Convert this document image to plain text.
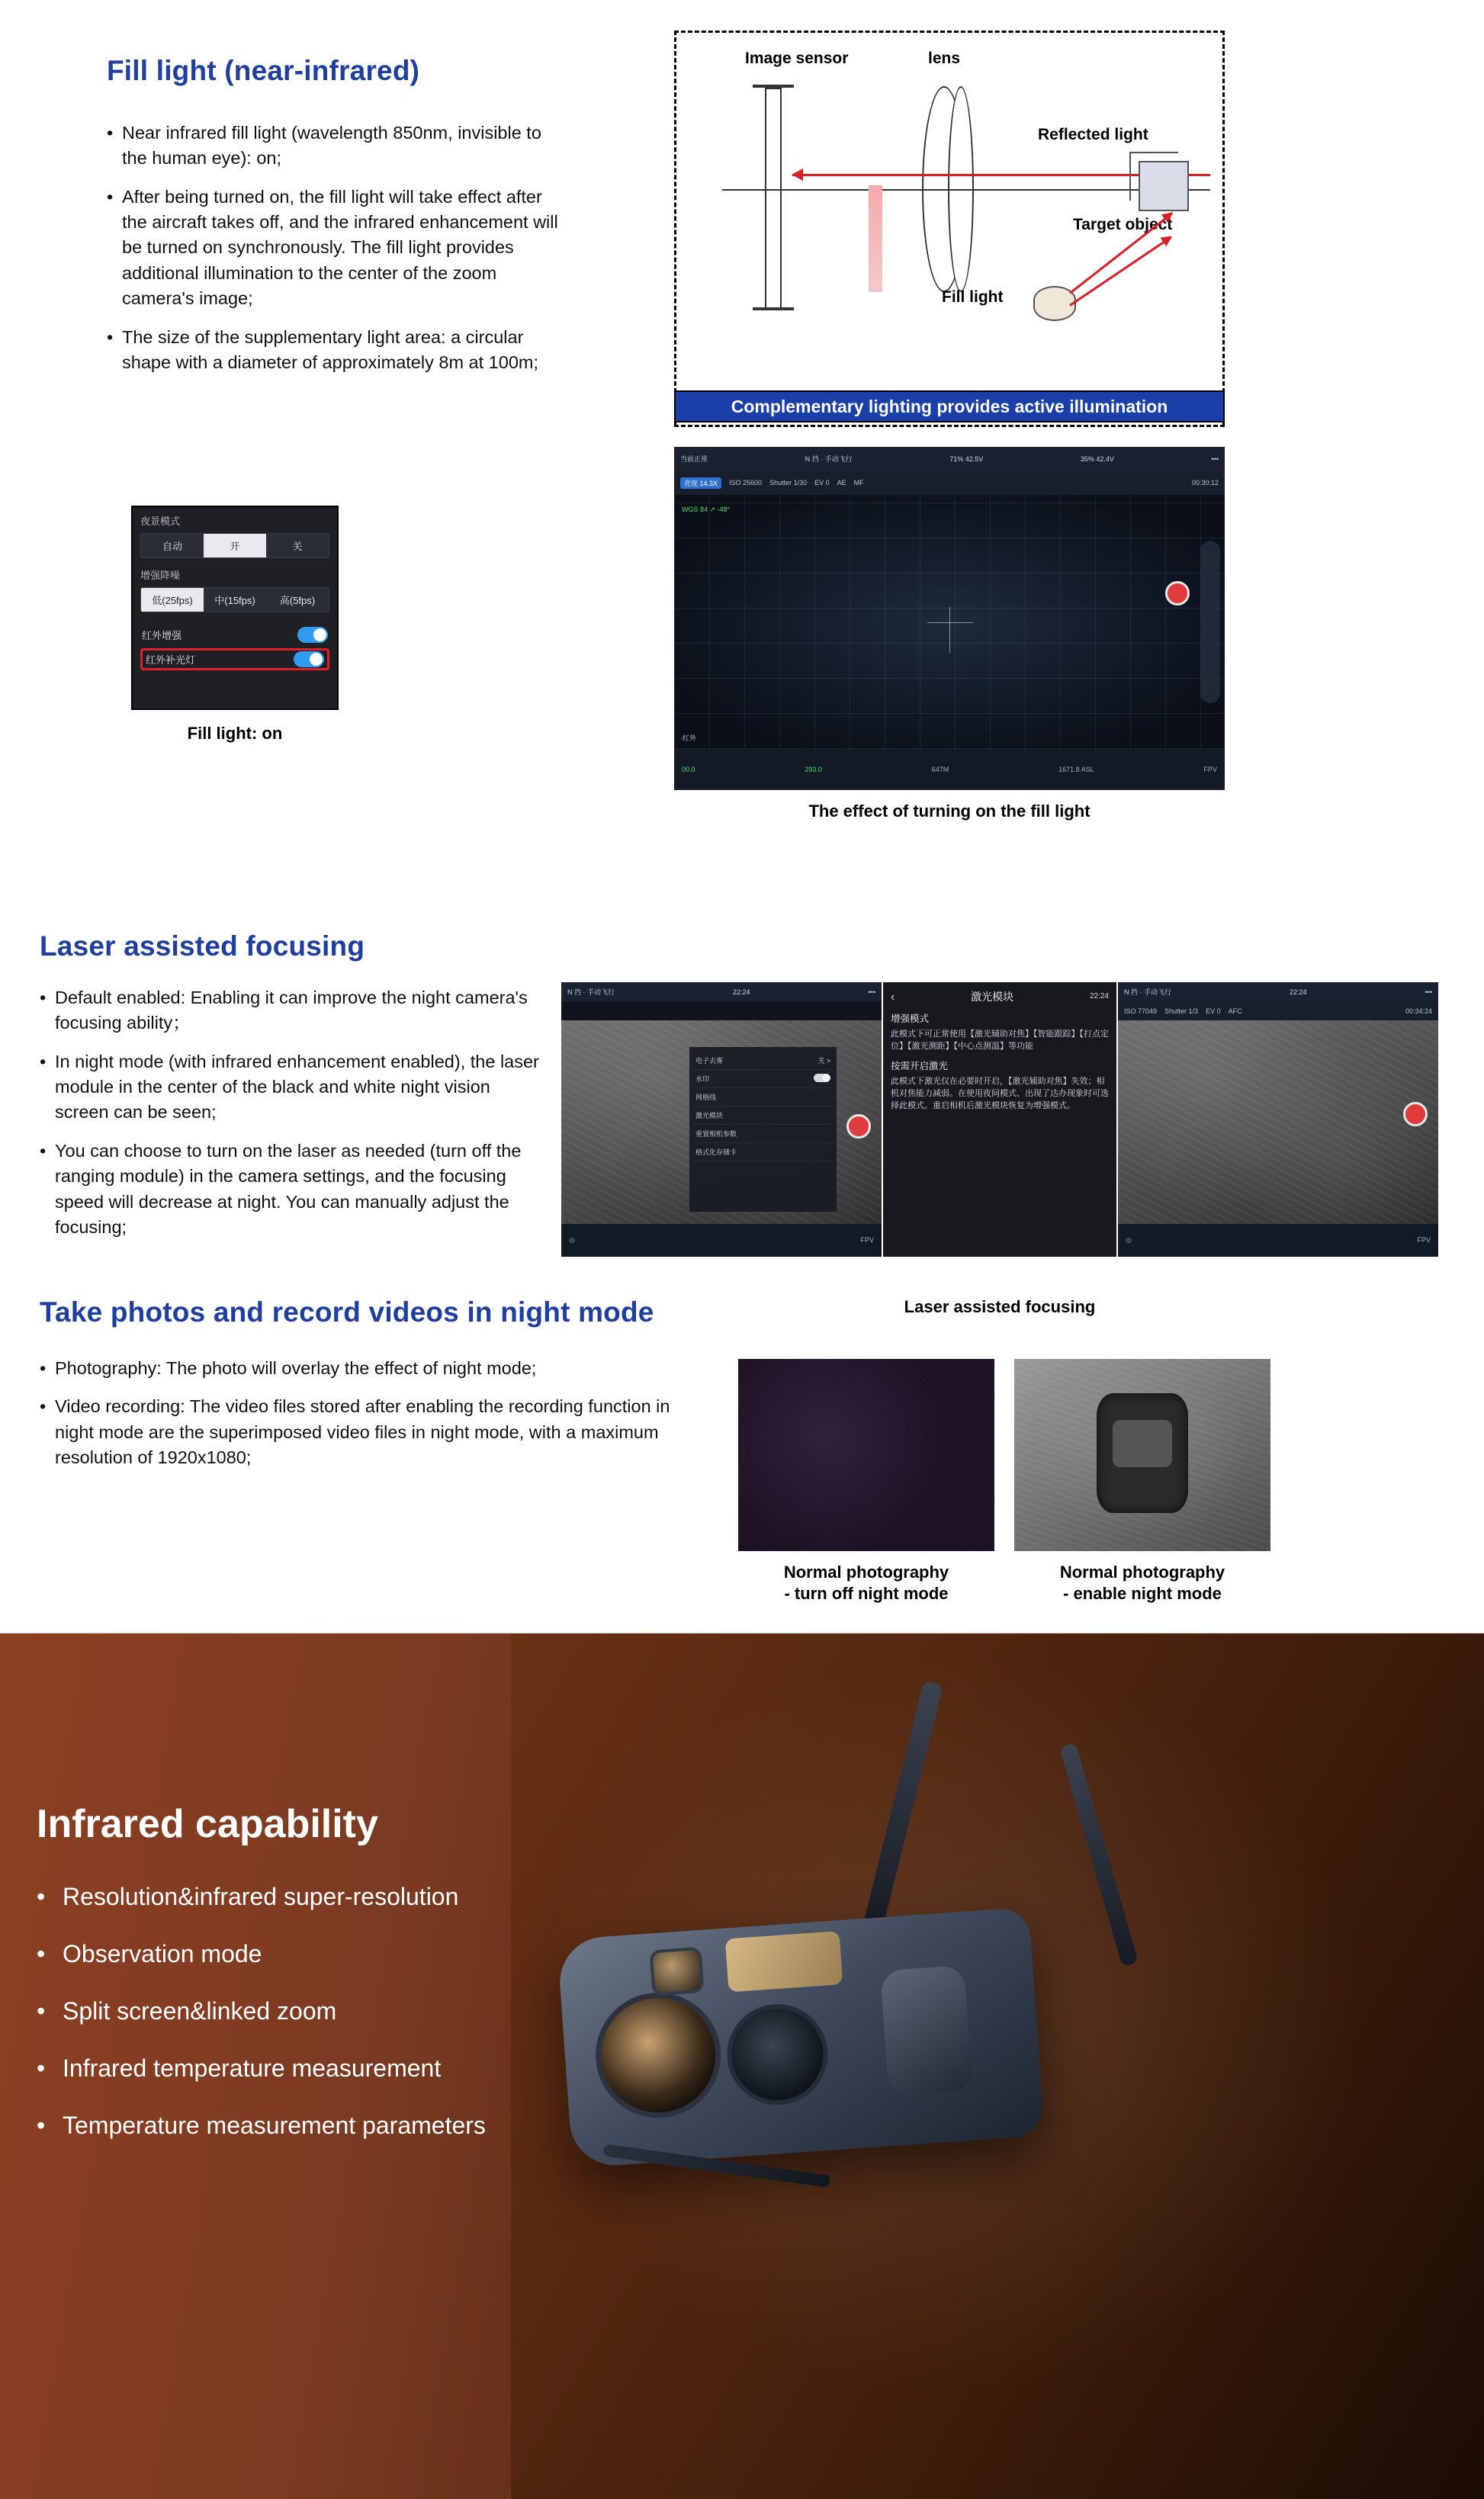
Fill light (near-infrared)
• Near infrared fill light (wavelength 850nm, invisible to the human eye): on;
• After being turned on, the fill light will take effect after the aircraft takes off, and the infrared enhancement will be turned on synchronously. The fill light provides additional illumination to the center of the zoom camera's image;
• The size of the supplementary light area: a circular shape with a diameter of approximately 8m at 100m;
Image sensor	lens
Reflected light
Target object
Fill light
Complementary lighting provides active illumination
夜景模式
自动	开	关
增强降噪
低(25fps)	中(15fps)	高(5fps)
红外增强
红外补光灯
Fill light: on
当前正常	N 挡 · 手动飞行	71% 42.5V	35% 42.4V	•••
亮度 14.3X	ISO 25600 Shutter 1/30 EV 0 AE MF	00:30:12
WGS 84 ↗ -48°
·红外
00.0	293.0	647M	1671.8 ASL	FPV
The effect of turning on the fill light
Laser assisted focusing
• Default enabled: Enabling it can improve the night camera's focusing ability；
• In night mode (with infrared enhancement enabled), the laser module in the center of the black and white night vision screen can be seen;
• You can choose to turn on the laser as needed (turn off the ranging module) in the camera settings, and the focusing speed will decrease at night. You can manually adjust the focusing;
N 挡 · 手动飞行	22:24	•••
电子去雾	关 >
水印
网格线
激光模块
重置相机参数
格式化存储卡
◎	FPV
‹	激光模块	22:24
增强模式
此模式下可正常使用【激光辅助对焦】【智能跟踪】【打点定位】【激光测距】【中心点测温】等功能
按需开启激光
此模式下激光仅在必要时开启，【激光辅助对焦】失效；相机对焦能力减弱。在使用夜间模式、出现了达办现象时可选择此模式。重启相机后激光模块恢复为增强模式。
N 挡 · 手动飞行	22:24	•••
ISO 77049 Shutter 1/3 EV 0 AFC	00:34:24
◎	FPV
Laser assisted focusing
Take photos and record videos in night mode
• Photography: The photo will overlay the effect of night mode;
• Video recording: The video files stored after enabling the recording function in night mode are the superimposed video files in night mode, with a maximum resolution of 1920x1080;
Normal photography
- turn off night mode
Normal photography
- enable night mode
Infrared capability
• Resolution&infrared super-resolution
• Observation mode
• Split screen&linked zoom
• Infrared temperature measurement
• Temperature measurement parameters
